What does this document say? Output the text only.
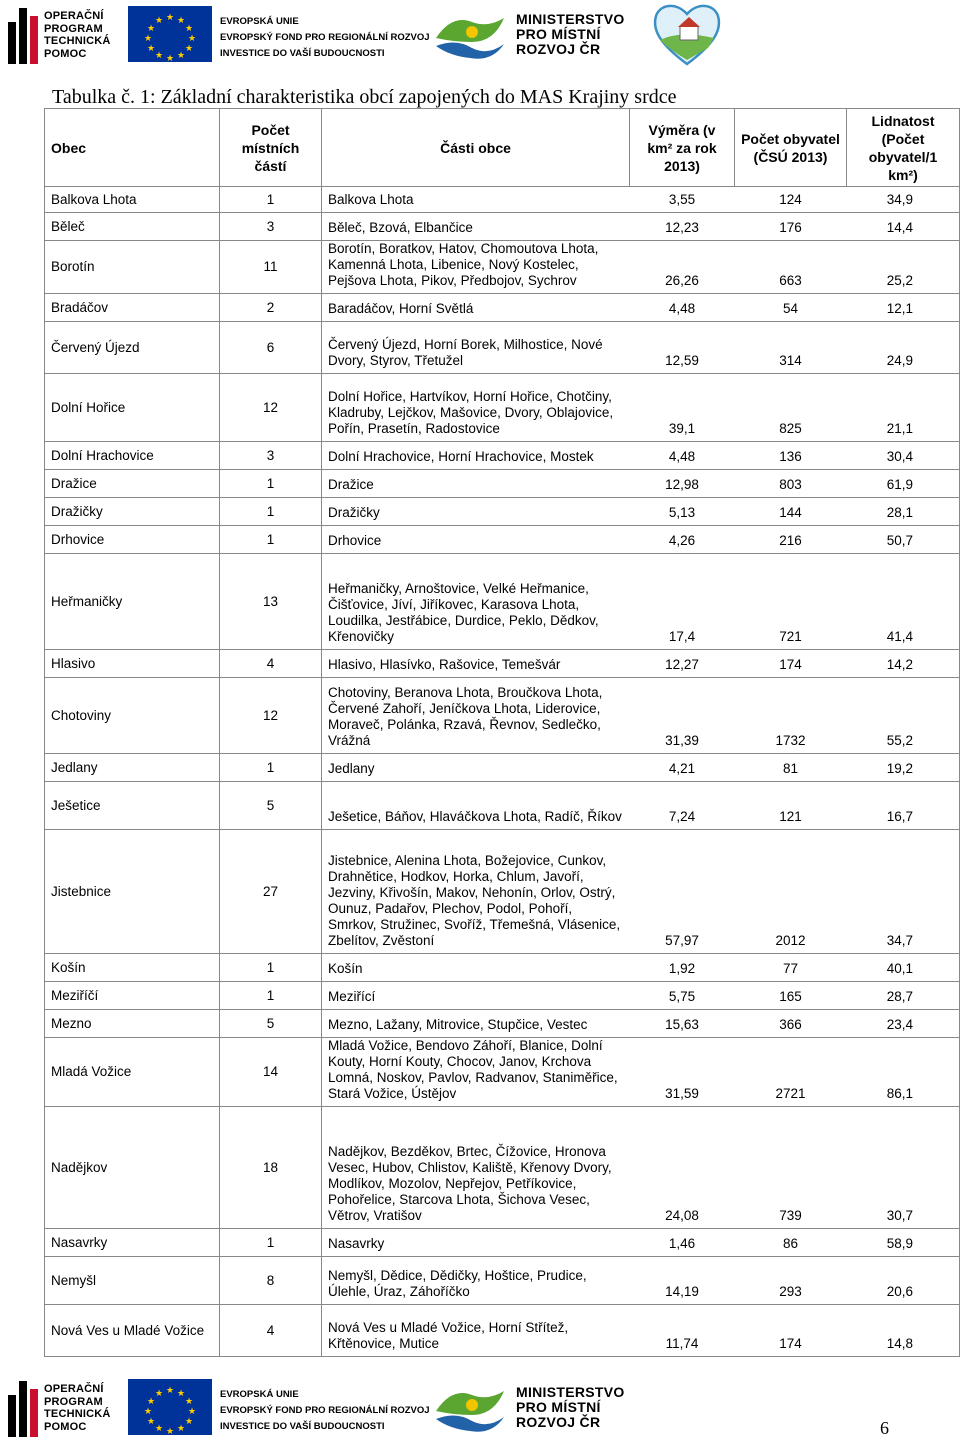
OPERAČNÍ
PROGRAM
TECHNICKÁ
POMOC
★ ★
★
★
★
★
★
★
★
★
★
★	EVROPSKÁ UNIE
EVROPSKÝ FOND PRO REGIONÁLNÍ ROZVOJ
INVESTICE DO VAŠÍ BUDOUCNOSTI
MINISTERSTVO
PRO MÍSTNÍ
ROZVOJ ČR
Tabulka č. 1: Základní charakteristika obcí zapojených do MAS Krajiny srdce
Obec	Počet místních částí	Části obce	Výměra (v km² za rok 2013)	Počet obyvatel (ČSÚ 2013)	Lidnatost (Počet obyvatel/1 km²)
Balkova Lhota	1	Balkova Lhota	3,55	124	34,9
Běleč	3	Běleč, Bzová, Elbančice	12,23	176	14,4
Borotín	11	Borotín, Boratkov, Hatov, Chomoutova Lhota, Kamenná Lhota, Libenice, Nový Kostelec, Pejšova Lhota, Pikov, Předbojov, Sychrov	26,26	663	25,2
Bradáčov	2	Baradáčov, Horní Světlá	4,48	54	12,1
Červený Újezd	6	Červený Újezd, Horní Borek, Milhostice, Nové Dvory, Styrov, Třetužel	12,59	314	24,9
Dolní Hořice	12	Dolní Hořice, Hartvíkov, Horní Hořice, Chotčiny, Kladruby, Lejčkov, Mašovice, Dvory, Oblajovice, Pořín, Prasetín, Radostovice	39,1	825	21,1
Dolní Hrachovice	3	Dolní Hrachovice, Horní Hrachovice, Mostek	4,48	136	30,4
Dražice	1	Dražice	12,98	803	61,9
Dražičky	1	Dražičky	5,13	144	28,1
Drhovice	1	Drhovice	4,26	216	50,7
Heřmaničky	13	Heřmaničky, Arnoštovice, Velké Heřmanice, Čišťovice, Jíví, Jiříkovec, Karasova Lhota, Loudilka, Jestřábice, Durdice, Peklo, Dědkov, Křenovičky	17,4	721	41,4
Hlasivo	4	Hlasivo, Hlasívko, Rašovice, Temešvár	12,27	174	14,2
Chotoviny	12	Chotoviny, Beranova Lhota, Broučkova Lhota, Červené Zahoří, Jeníčkova Lhota, Liderovice, Moraveč, Polánka, Rzavá, Řevnov, Sedlečko, Vrážná	31,39	1732	55,2
Jedlany	1	Jedlany	4,21	81	19,2
Ješetice	5	Ješetice, Báňov, Hlaváčkova Lhota, Radíč, Říkov	7,24	121	16,7
Jistebnice	27	Jistebnice, Alenina Lhota, Božejovice, Cunkov, Drahnětice, Hodkov, Horka, Chlum, Javoří, Jezviny, Křivošín, Makov, Nehonín, Orlov, Ostrý, Ounuz, Padařov, Plechov, Podol, Pohoří, Smrkov, Stružinec, Svoříž, Třemešná, Vlásenice, Zbelítov, Zvěstoní	57,97	2012	34,7
Košín	1	Košín	1,92	77	40,1
Meziříčí	1	Meziřící	5,75	165	28,7
Mezno	5	Mezno, Lažany, Mitrovice, Stupčice, Vestec	15,63	366	23,4
Mladá Vožice	14	Mladá Vožice, Bendovo Záhoří, Blanice, Dolní Kouty, Horní Kouty, Chocov, Janov, Krchova Lomná, Noskov, Pavlov, Radvanov, Staniměřice, Stará Vožice, Ústějov	31,59	2721	86,1
Nadějkov	18	Nadějkov, Bezděkov, Brtec, Čížovice, Hronova Vesec, Hubov, Chlistov, Kaliště, Křenovy Dvory, Modlíkov, Mozolov, Nepřejov, Petříkovice, Pohořelice, Starcova Lhota, Šichova Vesec, Větrov, Vratišov	24,08	739	30,7
Nasavrky	1	Nasavrky	1,46	86	58,9
Nemyšl	8	Nemyšl, Dědice, Dědičky, Hoštice, Prudice, Úlehle, Úraz, Záhoříčko	14,19	293	20,6
Nová Ves u Mladé Vožice	4	Nová Ves u Mladé Vožice, Horní Střítež, Křtěnovice, Mutice	11,74	174	14,8
OPERAČNÍ
PROGRAM
TECHNICKÁ
POMOC
★ ★
★
★
★
★
★
★
★
★
★
★	EVROPSKÁ UNIE
EVROPSKÝ FOND PRO REGIONÁLNÍ ROZVOJ
INVESTICE DO VAŠÍ BUDOUCNOSTI
MINISTERSTVO
PRO MÍSTNÍ
ROZVOJ ČR	6
